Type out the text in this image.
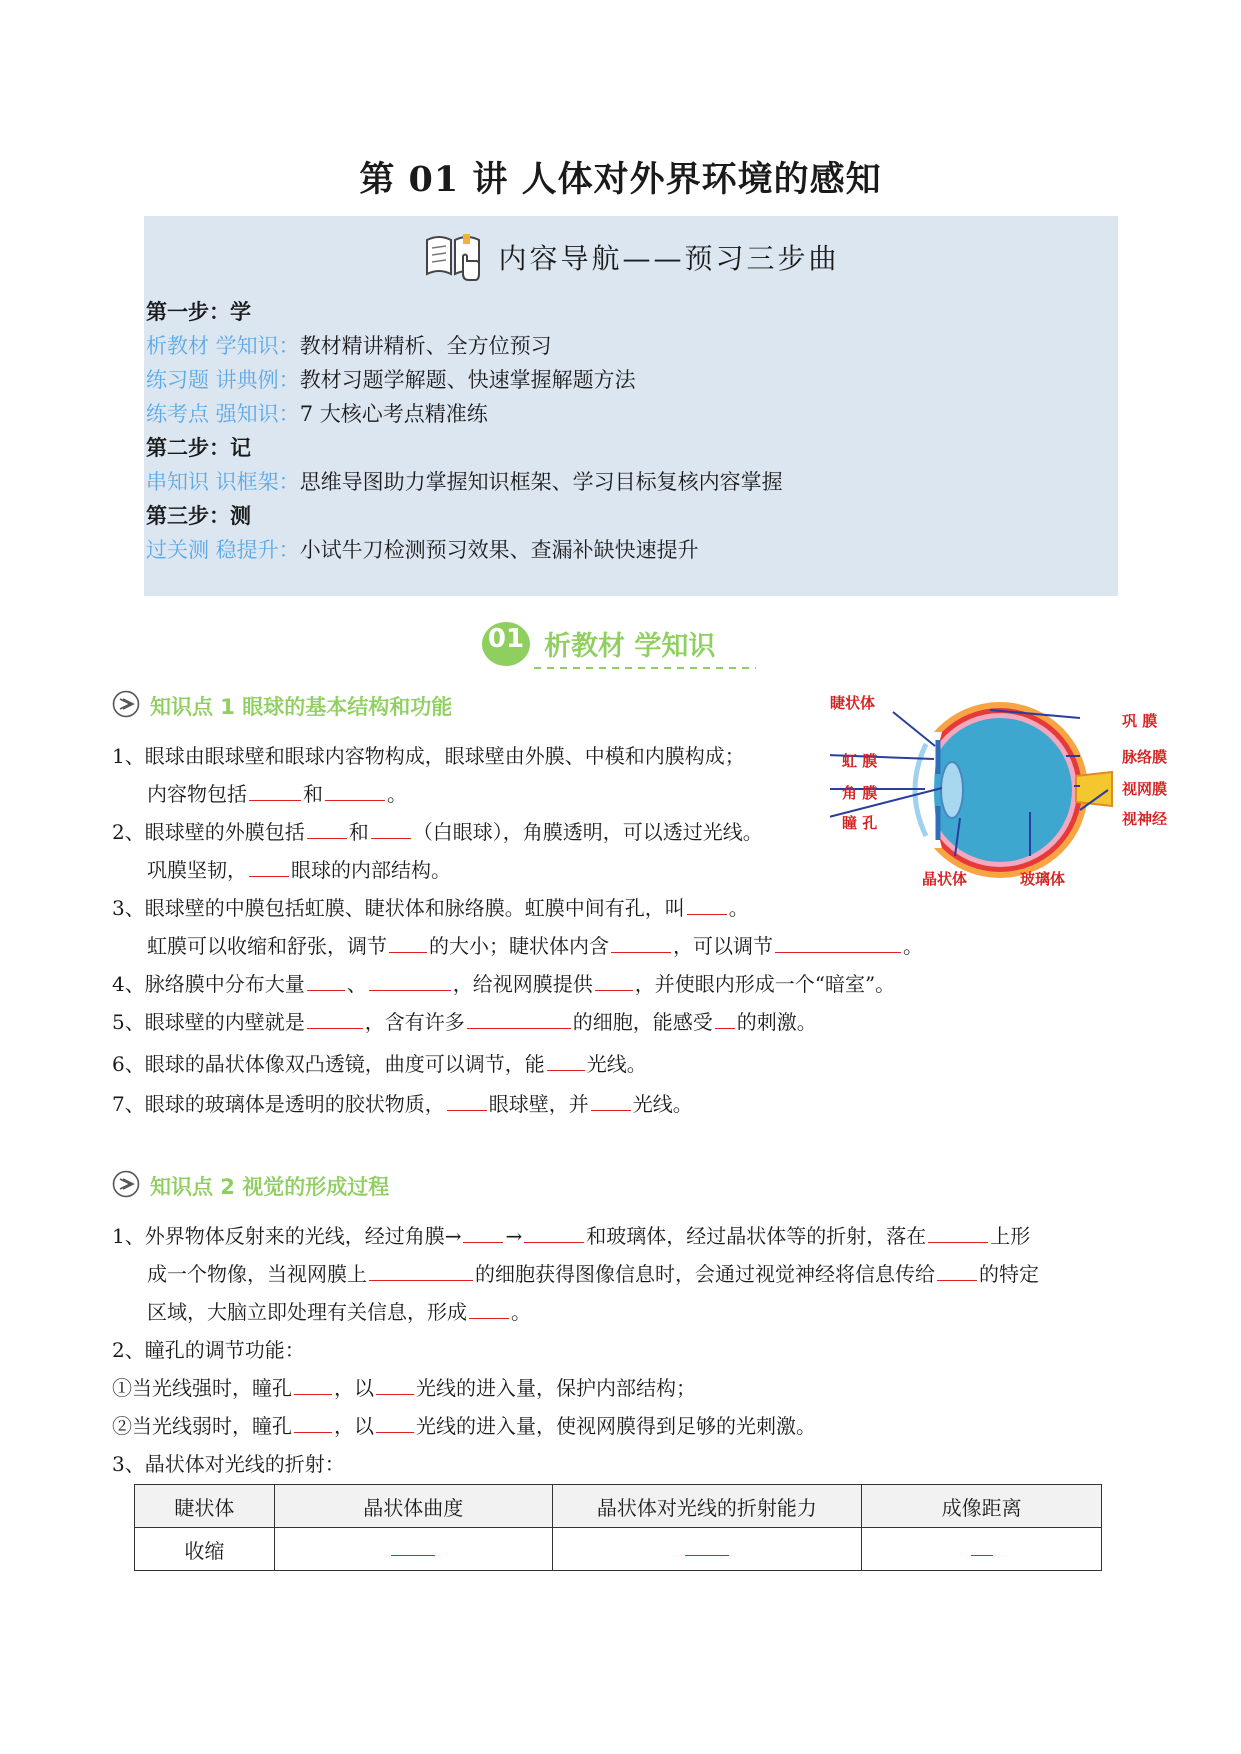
第 01 讲 人体对外界环境的感知
内容导航——预习三步曲
第一步：学
析教材 学知识：教材精讲精析、全方位预习
练习题 讲典例：教材习题学解题、快速掌握解题方法
练考点 强知识：7 大核心考点精准练
第二步：记
串知识 识框架：思维导图助力掌握知识框架、学习目标复核内容掌握
第三步：测
过关测 稳提升：小试牛刀检测预习效果、查漏补缺快速提升
01 析教材 学知识
知识点 1 眼球的基本结构和功能
1、眼球由眼球壁和眼球内容物构成，眼球壁由外膜、中模和内膜构成；
内容物包括	和	。
2、眼球壁的外膜包括 和 （白眼球），角膜透明，可以透过光线。
巩膜坚韧， 眼球的内部结构。
3、眼球壁的中膜包括虹膜、睫状体和脉络膜。虹膜中间有孔，叫 。
虹膜可以收缩和舒张，调节 的大小；睫状体内含	，可以调节	。
4、脉络膜中分布大量 、	，给视网膜提供 ，并使眼内形成一个“暗室”。
5、眼球壁的内壁就是	，含有许多	的细胞，能感受 的刺激。
6、眼球的晶状体像双凸透镜，曲度可以调节，能 光线。
7、眼球的玻璃体是透明的胶状物质， 眼球壁，并 光线。
睫状体
虹 膜
角 膜
瞳 孔
晶状体	玻璃体
巩 膜
脉络膜
视网膜
视神经
知识点 2 视觉的形成过程
1、外界物体反射来的光线，经过角膜→ →	和玻璃体，经过晶状体等的折射，落在	上形
成一个物像，当视网膜上	的细胞获得图像信息时，会通过视觉神经将信息传给 的特定
区域，大脑立即处理有关信息，形成 。
2、瞳孔的调节功能：
①当光线强时，瞳孔 ，以 光线的进入量，保护内部结构；
②当光线弱时，瞳孔 ，以 光线的进入量，使视网膜得到足够的光刺激。
3、晶状体对光线的折射：
睫状体	晶状体曲度	晶状体对光线的折射能力	成像距离
收缩			
